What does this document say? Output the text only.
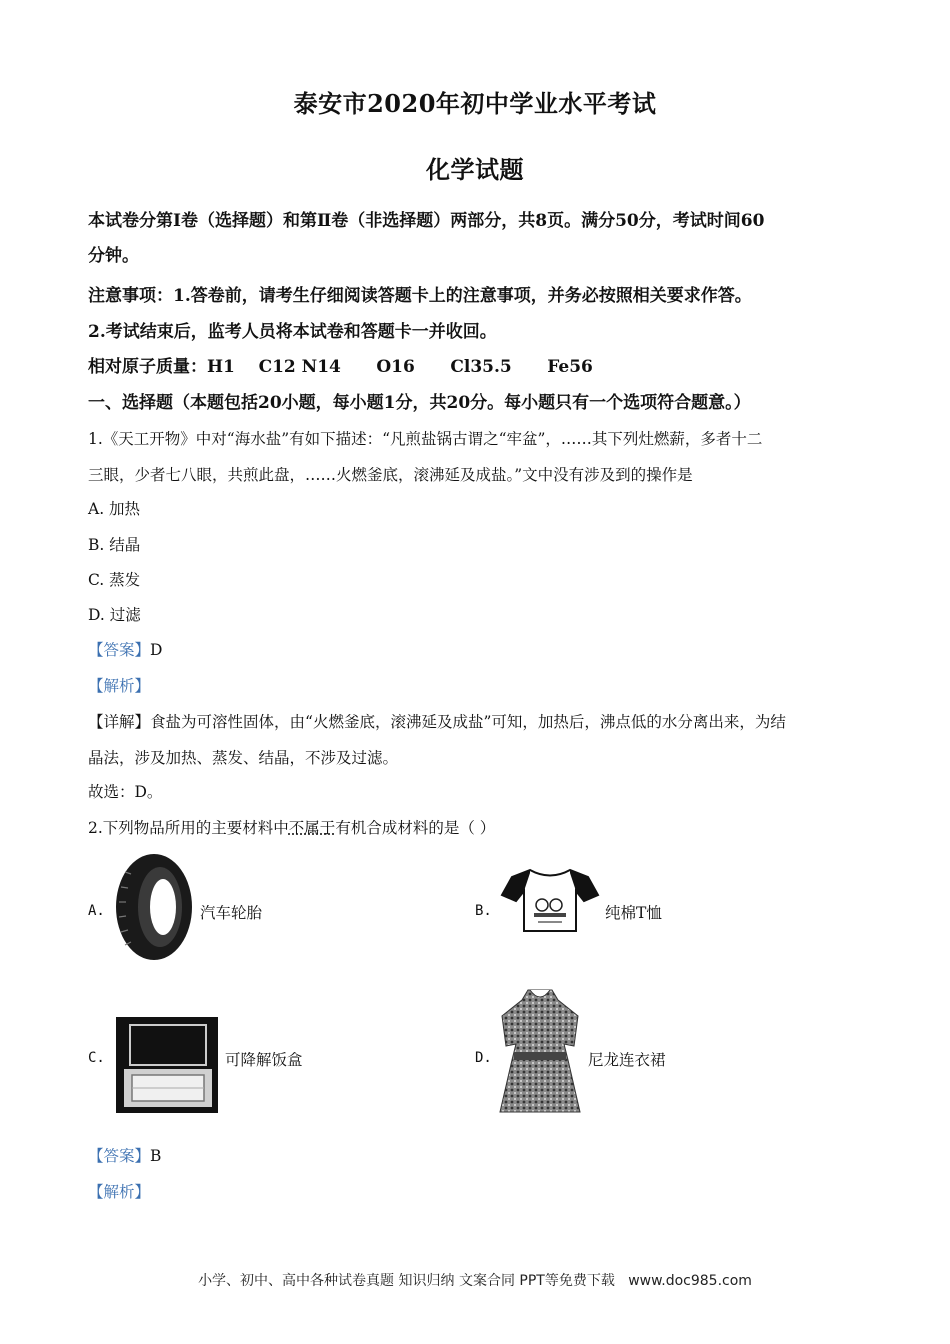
泰安市2020年初中学业水平考试
化学试题
本试卷分第Ⅰ卷（选择题）和第Ⅱ卷（非选择题）两部分，共8页。满分50分，考试时间60
分钟。
注意事项：1.答卷前，请考生仔细阅读答题卡上的注意事项，并务必按照相关要求作答。
2.考试结束后，监考人员将本试卷和答题卡一并收回。
相对原子质量：H1    C12 N14      O16      Cl35.5      Fe56
一、选择题（本题包括20小题，每小题1分，共20分。每小题只有一个选项符合题意。）
1.《天工开物》中对“海水盐”有如下描述：“凡煎盐锅古谓之“牢盆”，……其下列灶燃薪，多者十二
三眼，少者七八眼，共煎此盘，……火燃釜底，滚沸延及成盐。”文中没有涉及到的操作是
A. 加热
B. 结晶
C. 蒸发
D. 过滤
【答案】D
【解析】
【详解】食盐为可溶性固体，由“火燃釜底，滚沸延及成盐”可知，加热后，沸点低的水分离出来，为结
晶法，涉及加热、蒸发、结晶，不涉及过滤。
故选：D。
2.下列物品所用的主要材料中不属于有机合成材料的是（ ）
A.	汽车轮胎	B.	纯棉T恤
C.	可降解饭盒	D.	尼龙连衣裙
【答案】B
【解析】
小学、初中、高中各种试卷真题 知识归纳 文案合同 PPT等免费下载   www.doc985.com
